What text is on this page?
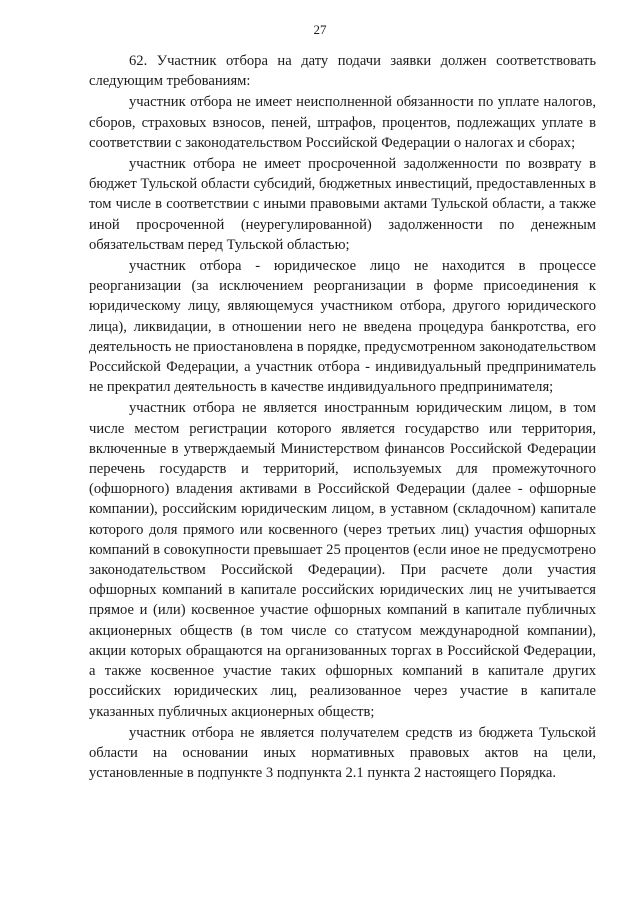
27

62. Участник отбора на дату подачи заявки должен соответствовать следующим требованиям:

участник отбора не имеет неисполненной обязанности по уплате налогов, сборов, страховых взносов, пеней, штрафов, процентов, подлежащих уплате в соответствии с законодательством Российской Федерации о налогах и сборах;

участник отбора не имеет просроченной задолженности по возврату в бюджет Тульской области субсидий, бюджетных инвестиций, предоставленных в том числе в соответствии с иными правовыми актами Тульской области, а также иной просроченной (неурегулированной) задолженности по денежным обязательствам перед Тульской областью;

участник отбора - юридическое лицо не находится в процессе реорганизации (за исключением реорганизации в форме присоединения к юридическому лицу, являющемуся участником отбора, другого юридического лица), ликвидации, в отношении него не введена процедура банкротства, его деятельность не приостановлена в порядке, предусмотренном законодательством Российской Федерации, а участник отбора - индивидуальный предприниматель не прекратил деятельность в качестве индивидуального предпринимателя;

участник отбора не является иностранным юридическим лицом, в том числе местом регистрации которого является государство или территория, включенные в утверждаемый Министерством финансов Российской Федерации перечень государств и территорий, используемых для промежуточного (офшорного) владения активами в Российской Федерации (далее - офшорные компании), российским юридическим лицом, в уставном (складочном) капитале которого доля прямого или косвенного (через третьих лиц) участия офшорных компаний в совокупности превышает 25 процентов (если иное не предусмотрено законодательством Российской Федерации). При расчете доли участия офшорных компаний в капитале российских юридических лиц не учитывается прямое и (или) косвенное участие офшорных компаний в капитале публичных акционерных обществ (в том числе со статусом международной компании), акции которых обращаются на организованных торгах в Российской Федерации, а также косвенное участие таких офшорных компаний в капитале других российских юридических лиц, реализованное через участие в капитале указанных публичных акционерных обществ;

участник отбора не является получателем средств из бюджета Тульской области на основании иных нормативных правовых актов на цели, установленные в подпункте 3 подпункта 2.1 пункта 2 настоящего Порядка.
